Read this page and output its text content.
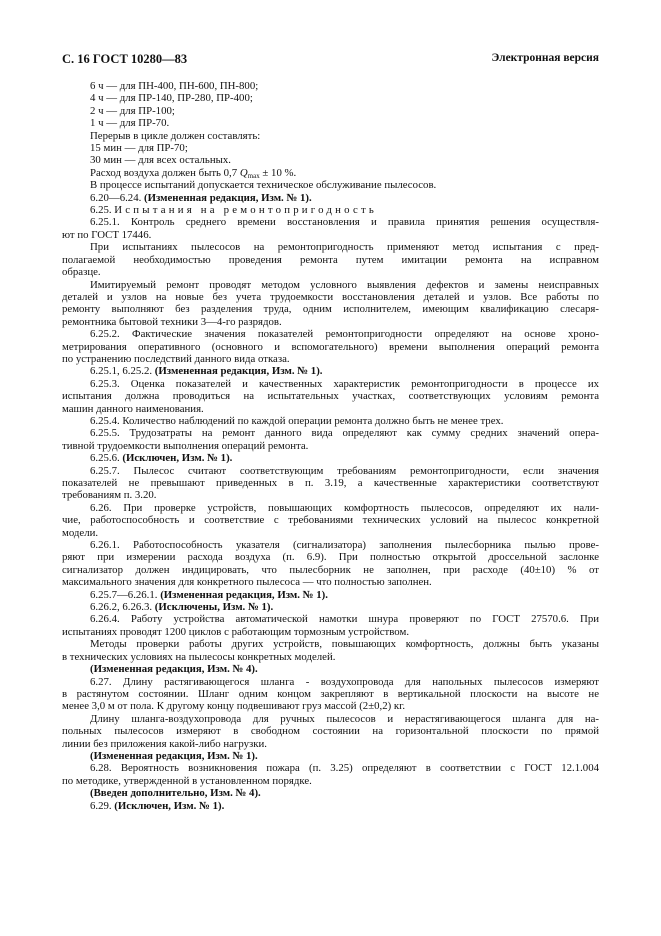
С. 16 ГОСТ 10280—83	Электронная версия
6 ч — для ПН-400, ПН-600, ПН-800;
4 ч — для ПР-140, ПР-280, ПР-400;
2 ч — для ПР-100;
1 ч — для ПР-70.
Перерыв в цикле должен составлять:
15 мин — для ПР-70;
30 мин — для всех остальных.
Расход воздуха должен быть 0,7 $Q_{max} \pm 10$ %.
В процессе испытаний допускается техническое обслуживание пылесосов.
6.20—6.24. (Измененная редакция, Изм. № 1).
6.25. Испытания на ремонтопригодность
6.25.1. Контроль среднего времени восстановления и правила принятия решения осуществля-
ют по ГОСТ 17446.
При испытаниях пылесосов на ремонтопригодность применяют метод испытания с пред-
полагаемой необходимостью проведения ремонта путем имитации ремонта на исправном
образце.
Имитируемый ремонт проводят методом условного выявления дефектов и замены неисправных
деталей и узлов на новые без учета трудоемкости восстановления деталей и узлов. Все работы по
ремонту выполняют без разделения труда, одним исполнителем, имеющим квалификацию слесаря-
ремонтника бытовой техники 3—4-го разрядов.
6.25.2. Фактические значения показателей ремонтопригодности определяют на основе хроно-
метрирования оперативного (основного и вспомогательного) времени выполнения операций ремонта
по устранению последствий данного вида отказа.
6.25.1, 6.25.2. (Измененная редакция, Изм. № 1).
6.25.3. Оценка показателей и качественных характеристик ремонтопригодности в процессе их
испытания должна проводиться на испытательных участках, соответствующих условиям ремонта
машин данного наименования.
6.25.4. Количество наблюдений по каждой операции ремонта должно быть не менее трех.
6.25.5. Трудозатраты на ремонт данного вида определяют как сумму средних значений опера-
тивной трудоемкости выполнения операций ремонта.
6.25.6. (Исключен, Изм. № 1).
6.25.7. Пылесос считают соответствующим требованиям ремонтопригодности, если значения
показателей не превышают приведенных в п. 3.19, а качественные характеристики соответствуют
требованиям п. 3.20.
6.26. При проверке устройств, повышающих комфортность пылесосов, определяют их нали-
чие, работоспособность и соответствие с требованиями технических условий на пылесос конкретной
модели.
6.26.1. Работоспособность указателя (сигнализатора) заполнения пылесборника пылью прове-
ряют при измерении расхода воздуха (п. 6.9). При полностью открытой дроссельной заслонке
сигнализатор должен индицировать, что пылесборник не заполнен, при расходе (40±10) % от
максимального значения для конкретного пылесоса — что полностью заполнен.
6.25.7—6.26.1. (Измененная редакция, Изм. № 1).
6.26.2, 6.26.3. (Исключены, Изм. № 1).
6.26.4. Работу устройства автоматической намотки шнура проверяют по ГОСТ 27570.6. При
испытаниях проводят 1200 циклов с работающим тормозным устройством.
Методы проверки работы других устройств, повышающих комфортность, должны быть указаны
в технических условиях на пылесосы конкретных моделей.
(Измененная редакция, Изм. № 4).
6.27. Длину растягивающегося шланга - воздухопровода для напольных пылесосов измеряют
в растянутом состоянии. Шланг одним концом закрепляют в вертикальной плоскости на высоте не
менее 3,0 м от пола. К другому концу подвешивают груз массой (2±0,2) кг.
Длину шланга-воздухопровода для ручных пылесосов и нерастягивающегося шланга для на-
польных пылесосов измеряют в свободном состоянии на горизонтальной плоскости по прямой
линии без приложения какой-либо нагрузки.
(Измененная редакция, Изм. № 1).
6.28. Вероятность возникновения пожара (п. 3.25) определяют в соответствии с ГОСТ 12.1.004
по методике, утвержденной в установленном порядке.
(Введен дополнительно, Изм. № 4).
6.29. (Исключен, Изм. № 1).
